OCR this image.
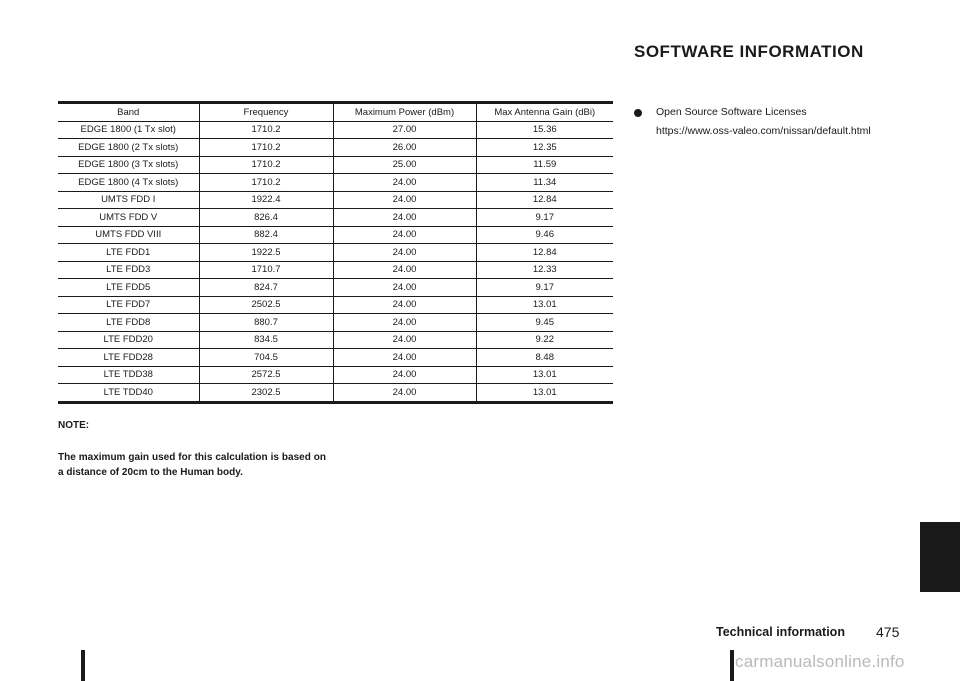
SOFTWARE INFORMATION
Band	Frequency	Maximum Power (dBm)	Max Antenna Gain (dBi)
EDGE 1800 (1 Tx slot)	1710.2	27.00	15.36
EDGE 1800 (2 Tx slots)	1710.2	26.00	12.35
EDGE 1800 (3 Tx slots)	1710.2	25.00	11.59
EDGE 1800 (4 Tx slots)	1710.2	24.00	11.34
UMTS FDD I	1922.4	24.00	12.84
UMTS FDD V	826.4	24.00	9.17
UMTS FDD VIII	882.4	24.00	9.46
LTE FDD1	1922.5	24.00	12.84
LTE FDD3	1710.7	24.00	12.33
LTE FDD5	824.7	24.00	9.17
LTE FDD7	2502.5	24.00	13.01
LTE FDD8	880.7	24.00	9.45
LTE FDD20	834.5	24.00	9.22
LTE FDD28	704.5	24.00	8.48
LTE TDD38	2572.5	24.00	13.01
LTE TDD40	2302.5	24.00	13.01

NOTE:

The maximum gain used for this calculation is based on a distance of 20cm to the Human body.

Open Source Software Licenses

https://www.oss-valeo.com/nissan/default.html

Technical information 475

carmanualsonline.info
